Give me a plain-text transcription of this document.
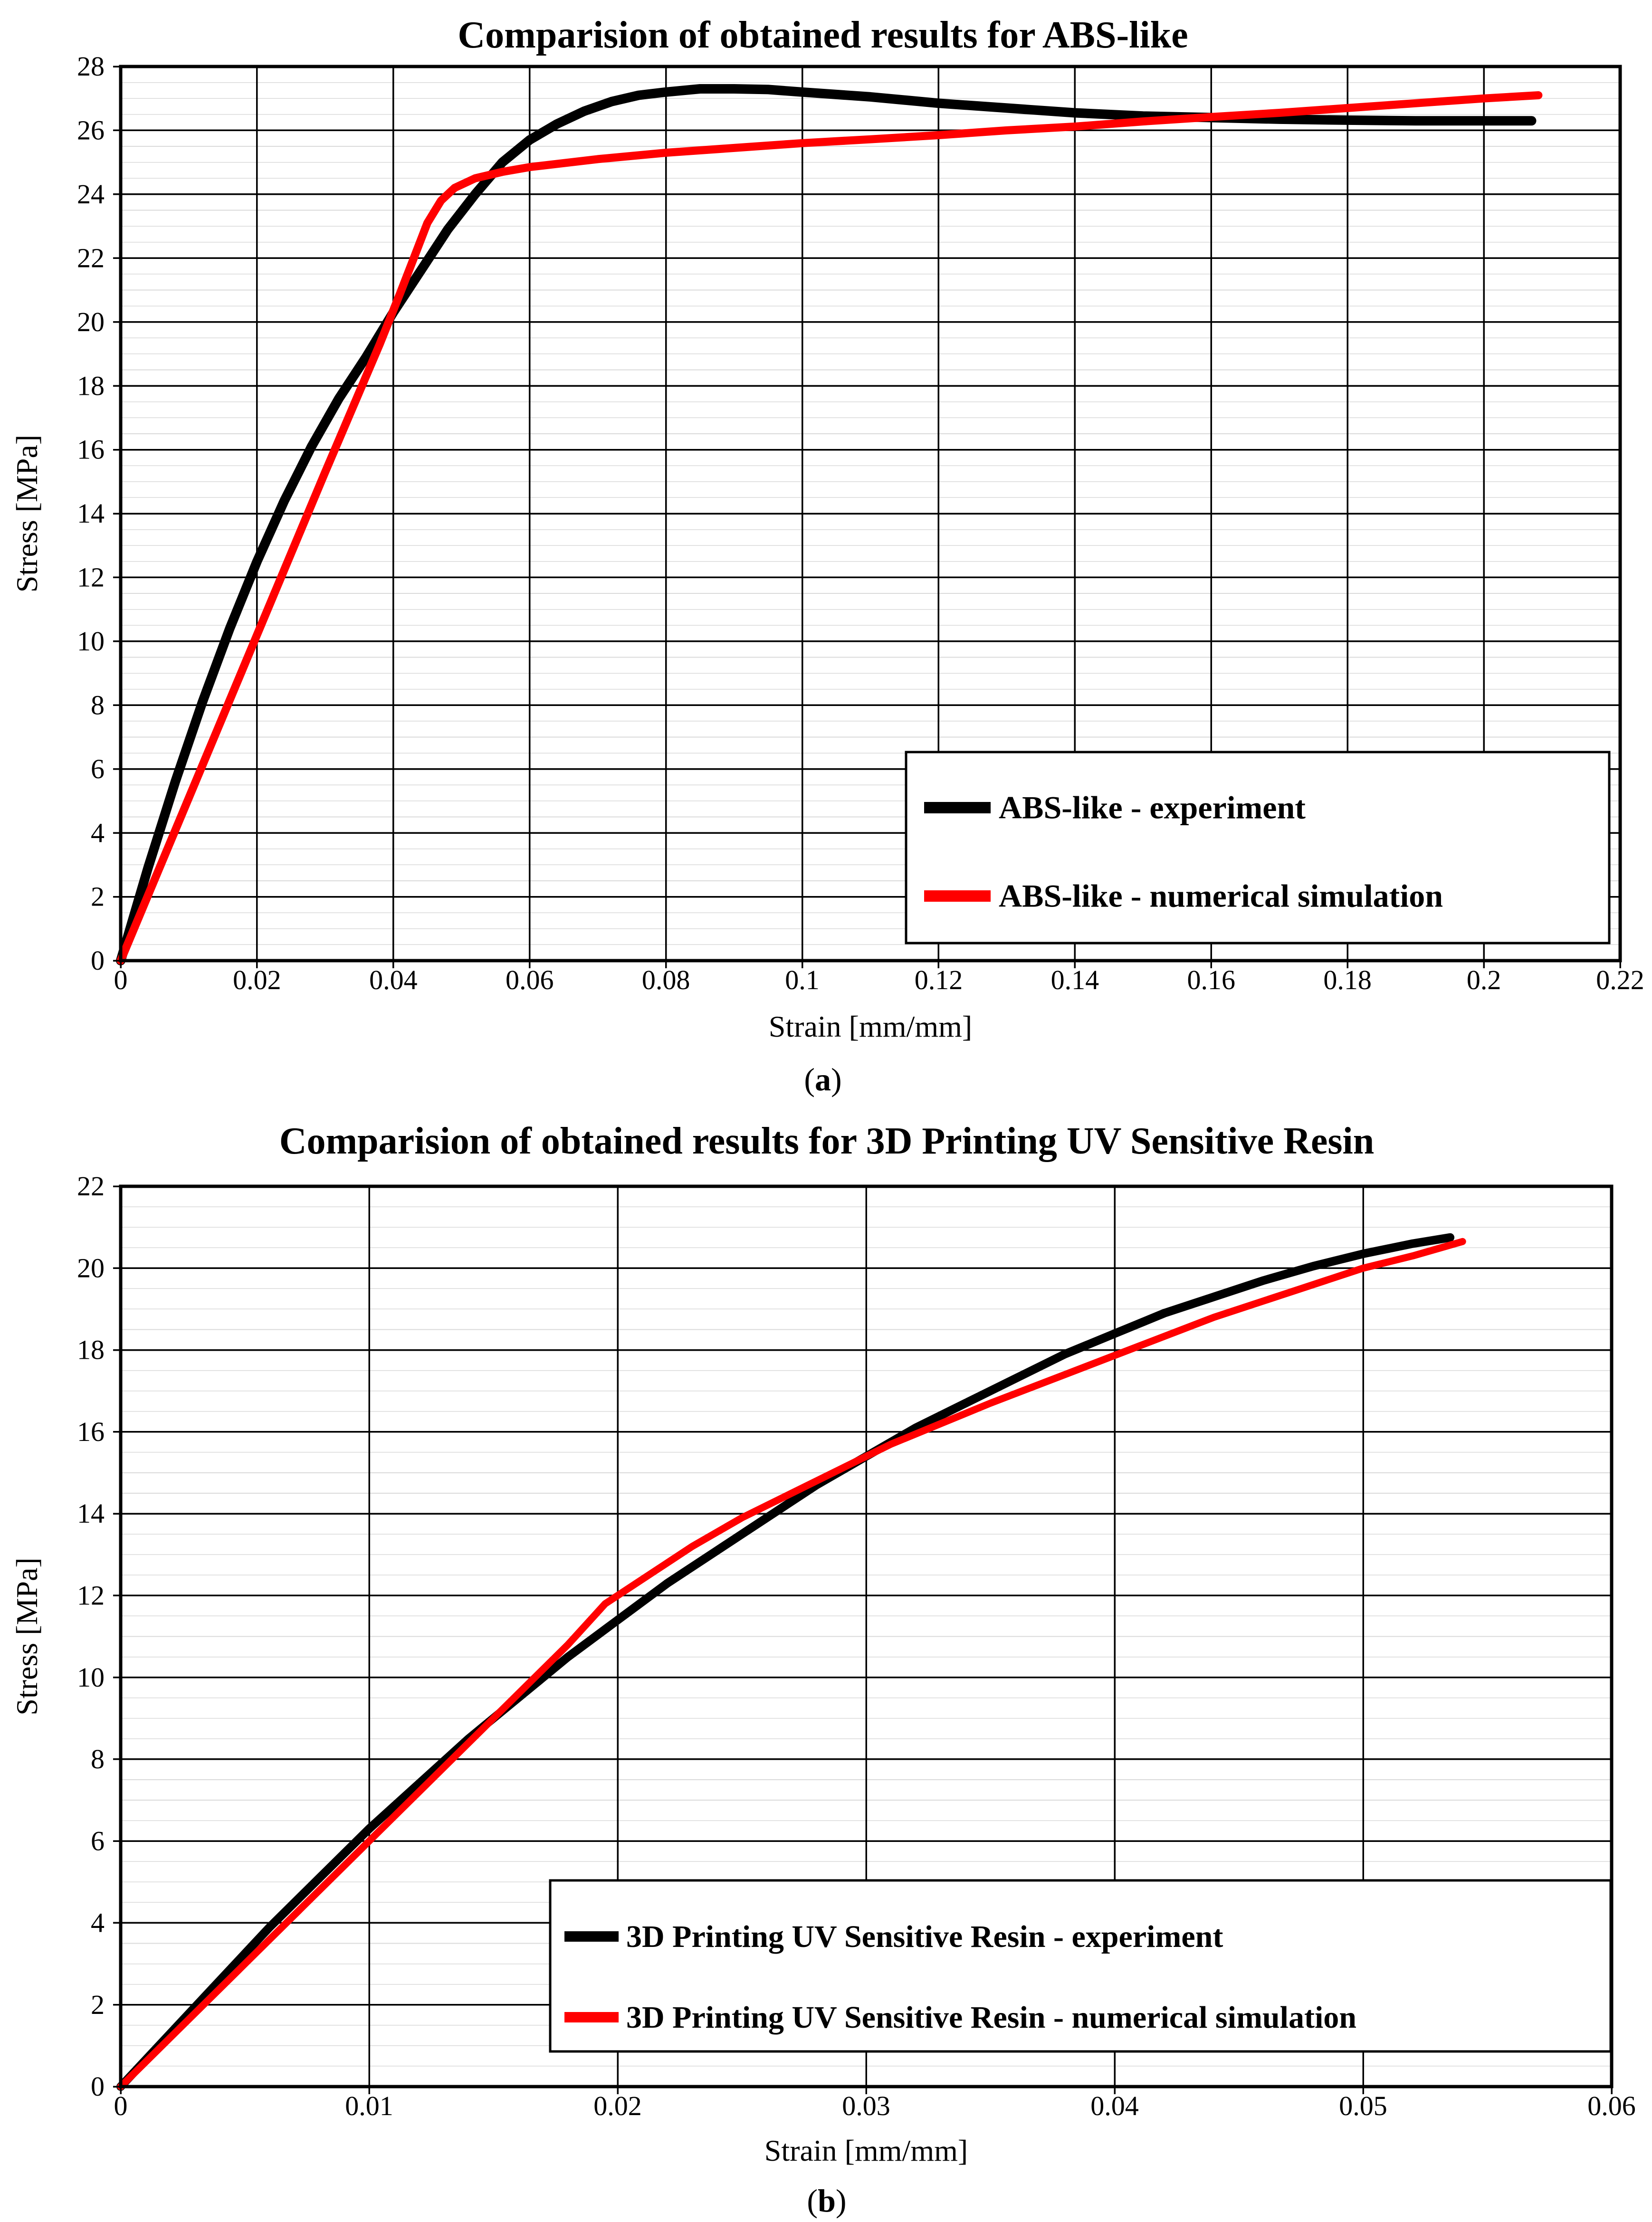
0	0.02	0.04	0.06	0.08	0.1	0.12	0.14	0.16	0.18	0.2	0.22
0
2
4
6
8
10
12
14
16
18
20
22
24
26
28
Comparision of obtained results for ABS-like
Strain [mm/mm]
Stress [MPa]
(a)
ABS-like - experiment
ABS-like - numerical simulation
0	0.01	0.02	0.03	0.04	0.05	0.06
0
2
4
6
8
10
12
14
16
18
20
22
Comparision of obtained results for 3D Printing UV Sensitive Resin
Strain [mm/mm]
Stress [MPa]
(b)
3D Printing UV Sensitive Resin - experiment
3D Printing UV Sensitive Resin - numerical simulation
